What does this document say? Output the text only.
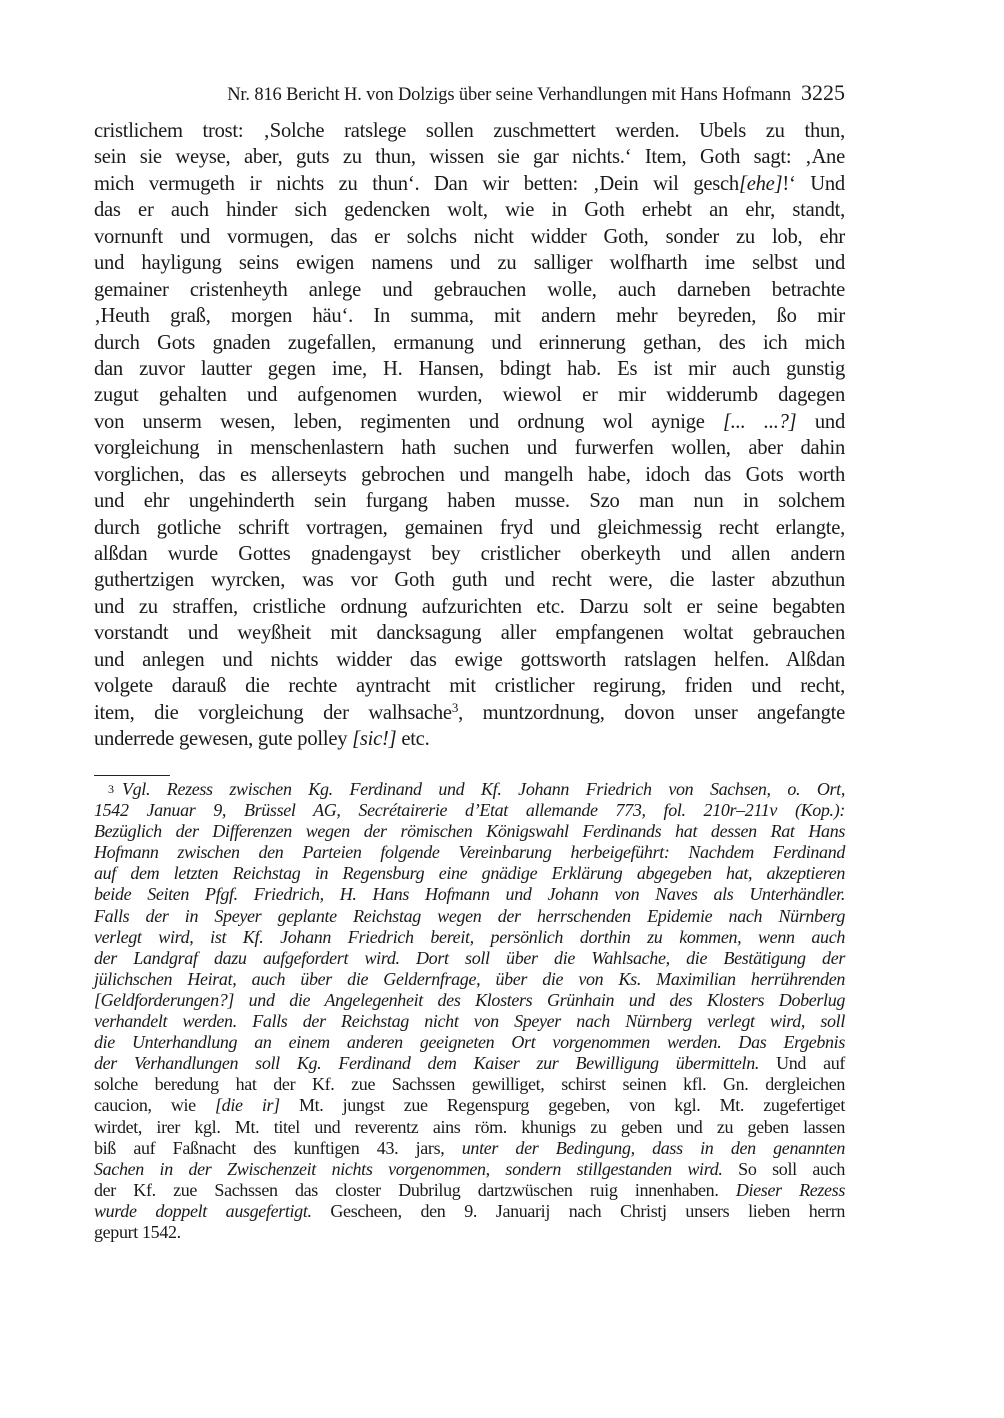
Nr. 816 Bericht H. von Dolzigs über seine Verhandlungen mit Hans Hofmann 3225
cristlichem trost: ‚Solche ratslege sollen zuschmettert werden. Ubels zu thun,
sein sie weyse, aber, guts zu thun, wissen sie gar nichts.‘ Item, Goth sagt: ‚Ane
mich vermugeth ir nichts zu thun‘. Dan wir betten: ‚Dein wil gesch[ehe]!‘ Und
das er auch hinder sich gedencken wolt, wie in Goth erhebt an ehr, standt,
vornunft und vormugen, das er solchs nicht widder Goth, sonder zu lob, ehr
und hayligung seins ewigen namens und zu salliger wolfharth ime selbst und
gemainer cristenheyth anlege und gebrauchen wolle, auch darneben betrachte
‚Heuth graß, morgen häu‘. In summa, mit andern mehr beyreden, ßo mir
durch Gots gnaden zugefallen, ermanung und erinnerung gethan, des ich mich
dan zuvor lautter gegen ime, H. Hansen, bdingt hab. Es ist mir auch gunstig
zugut gehalten und aufgenomen wurden, wiewol er mir widderumb dagegen
von unserm wesen, leben, regimenten und ordnung wol aynige [... ...?] und
vorgleichung in menschenlastern hath suchen und furwerfen wollen, aber dahin
vorglichen, das es allerseyts gebrochen und mangelh habe, idoch das Gots worth
und ehr ungehinderth sein furgang haben musse. Szo man nun in solchem
durch gotliche schrift vortragen, gemainen fryd und gleichmessig recht erlangte,
alßdan wurde Gottes gnadengayst bey cristlicher oberkeyth und allen andern
guthertzigen wyrcken, was vor Goth guth und recht were, die laster abzuthun
und zu straffen, cristliche ordnung aufzurichten etc. Darzu solt er seine begabten
vorstandt und weyßheit mit dancksagung aller empfangenen woltat gebrauchen
und anlegen und nichts widder das ewige gottsworth ratslagen helfen. Alßdan
volgete darauß die rechte ayntracht mit cristlicher regirung, friden und recht,
item, die vorgleichung der walhsache$^3$, muntzordnung, dovon unser angefangte
underrede gewesen, gute polley [sic!] etc.
3 Vgl. Rezess zwischen Kg. Ferdinand und Kf. Johann Friedrich von Sachsen, o. Ort,
1542 Januar 9, Brüssel AG, Secrétairerie d’Etat allemande 773, fol. 210r–211v (Kop.):
Bezüglich der Differenzen wegen der römischen Königswahl Ferdinands hat dessen Rat Hans
Hofmann zwischen den Parteien folgende Vereinbarung herbeigeführt: Nachdem Ferdinand
auf dem letzten Reichstag in Regensburg eine gnädige Erklärung abgegeben hat, akzeptieren
beide Seiten Pfgf. Friedrich, H. Hans Hofmann und Johann von Naves als Unterhändler.
Falls der in Speyer geplante Reichstag wegen der herrschenden Epidemie nach Nürnberg
verlegt wird, ist Kf. Johann Friedrich bereit, persönlich dorthin zu kommen, wenn auch
der Landgraf dazu aufgefordert wird. Dort soll über die Wahlsache, die Bestätigung der
jülichschen Heirat, auch über die Geldernfrage, über die von Ks. Maximilian herrührenden
[Geldforderungen?] und die Angelegenheit des Klosters Grünhain und des Klosters Doberlug
verhandelt werden. Falls der Reichstag nicht von Speyer nach Nürnberg verlegt wird, soll
die Unterhandlung an einem anderen geeigneten Ort vorgenommen werden. Das Ergebnis
der Verhandlungen soll Kg. Ferdinand dem Kaiser zur Bewilligung übermitteln. Und auf
solche beredung hat der Kf. zue Sachssen gewilliget, schirst seinen kfl. Gn. dergleichen
caucion, wie [die ir] Mt. jungst zue Regenspurg gegeben, von kgl. Mt. zugefertiget
wirdet, irer kgl. Mt. titel und reverentz ains röm. khunigs zu geben und zu geben lassen
biß auf Faßnacht des kunftigen 43. jars, unter der Bedingung, dass in den genannten
Sachen in der Zwischenzeit nichts vorgenommen, sondern stillgestanden wird. So soll auch
der Kf. zue Sachssen das closter Dubrilug dartzwüschen ruig innenhaben. Dieser Rezess
wurde doppelt ausgefertigt. Gescheen, den 9. Januarij nach Christj unsers lieben herrn
gepurt 1542.
